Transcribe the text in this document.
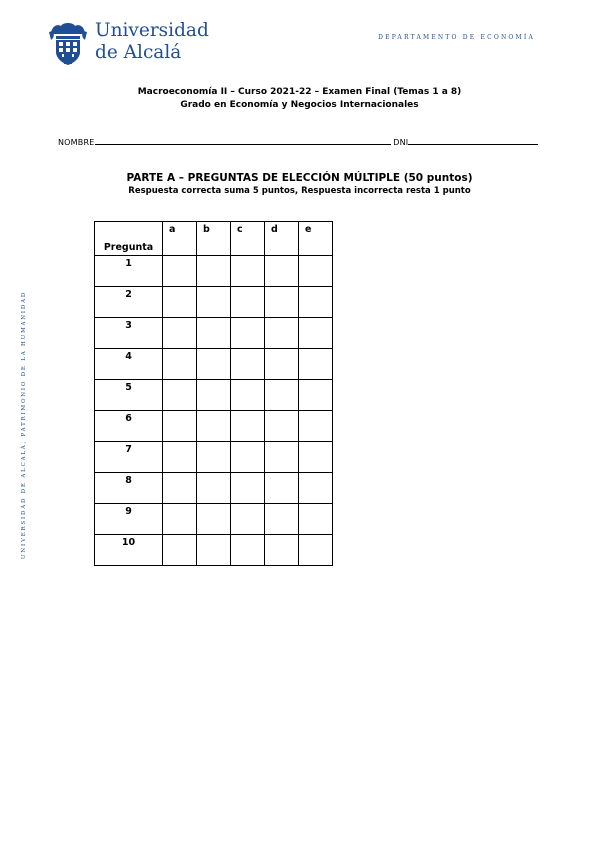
Universidad
de Alcalá
DEPARTAMENTO DE ECONOMÍA
UNIVERSIDAD DE ALCALÁ, PATRIMONIO DE LA HUMANIDAD
Macroeconomía II – Curso 2021-22 – Examen Final (Temas 1 a 8)
Grado en Economía y Negocios Internacionales
NOMBRE	DNI
PARTE A – PREGUNTAS DE ELECCIÓN MÚLTIPLE (50 puntos)
Respuesta correcta suma 5 puntos, Respuesta incorrecta resta 1 punto
Pregunta	a	b	c	d	e
1					
2					
3					
4					
5					
6					
7					
8					
9					
10					
